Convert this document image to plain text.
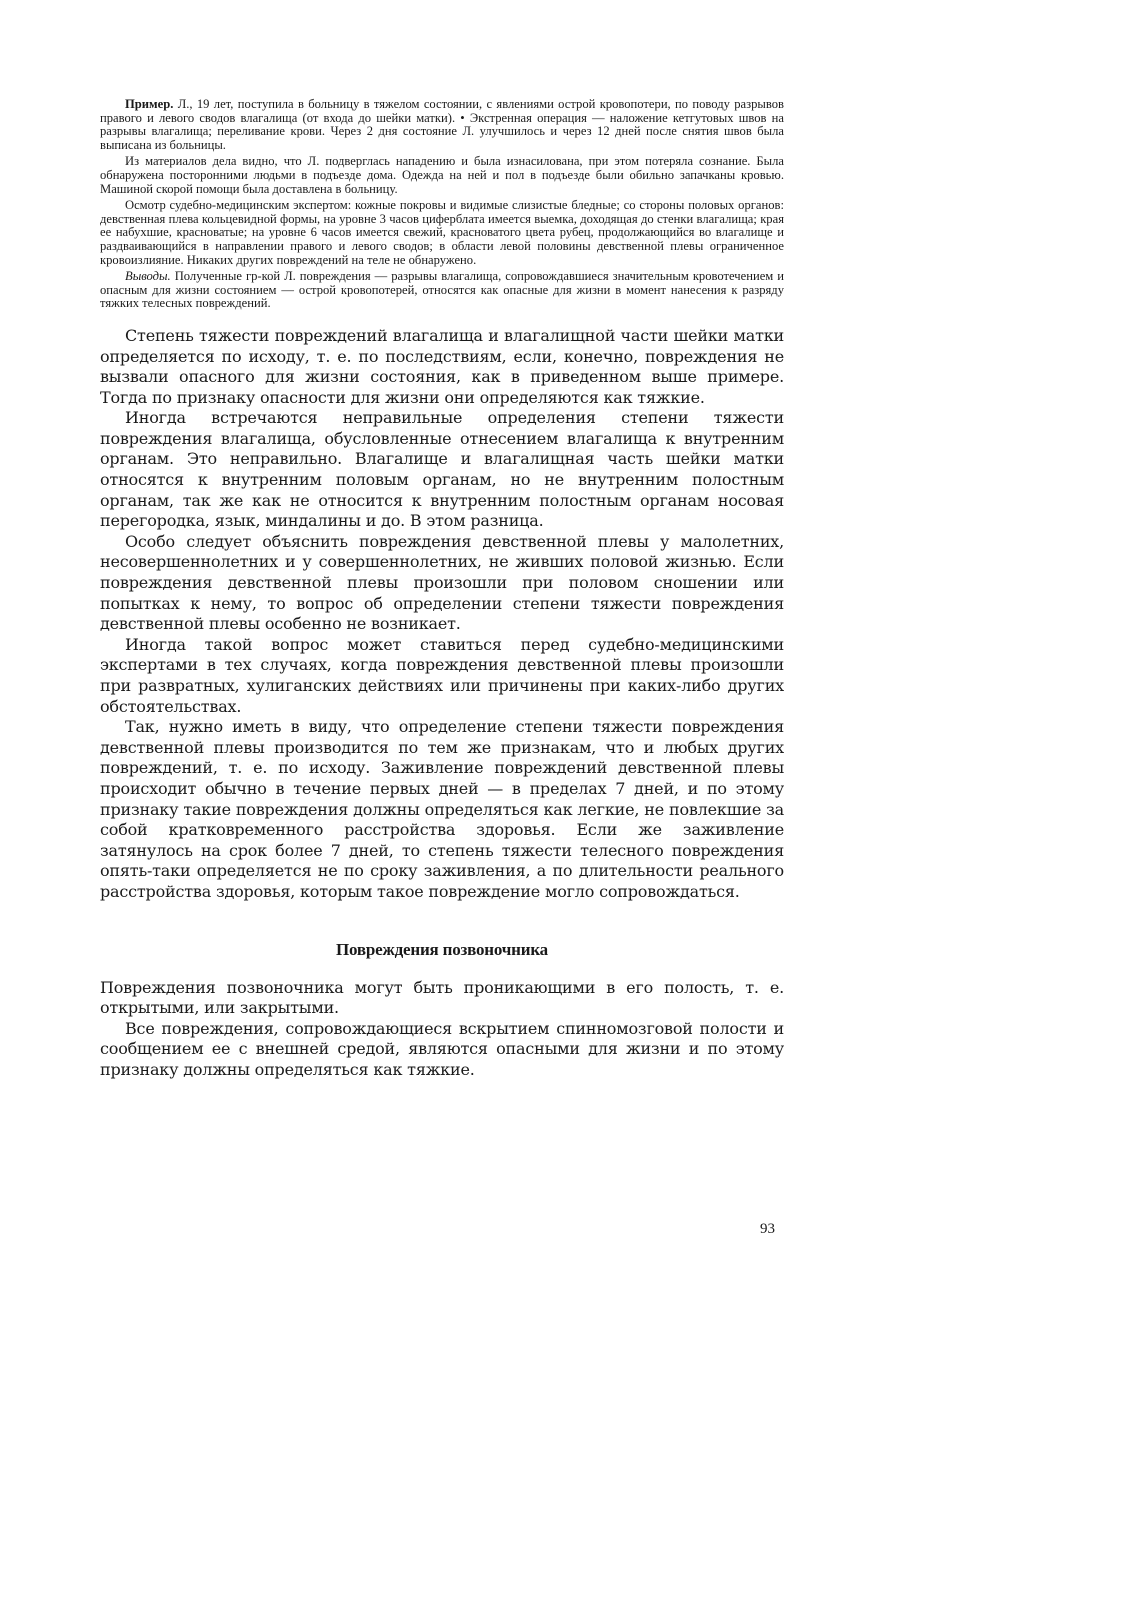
Пример. Л., 19 лет, поступила в больницу в тяжелом состоянии, с явлениями острой кровопотери, по поводу разрывов правого и левого сводов влагалища (от входа до шейки матки). • Экстренная операция — наложение кетгутовых швов на разрывы влагалища; переливание крови. Через 2 дня состояние Л. улучшилось и через 12 дней после снятия швов была выписана из больницы.

Из материалов дела видно, что Л. подверглась нападению и была изнасилована, при этом потеряла сознание. Была обнаружена посторонними людьми в подъезде дома. Одежда на ней и пол в подъезде были обильно запачканы кровью. Машиной скорой помощи была доставлена в больницу.

Осмотр судебно-медицинским экспертом: кожные покровы и видимые слизистые бледные; со стороны половых органов: девственная плева кольцевидной формы, на уровне 3 часов циферблата имеется выемка, доходящая до стенки влагалища; края ее набухшие, красноватые; на уровне 6 часов имеется свежий, красноватого цвета рубец, продолжающийся во влагалище и раздваивающийся в направлении правого и левого сводов; в области левой половины девственной плевы ограниченное кровоизлияние. Никаких других повреждений на теле не обнаружено.

Выводы. Полученные гр-кой Л. повреждения — разрывы влагалища, сопровождавшиеся значительным кровотечением и опасным для жизни состоянием — острой кровопотерей, относятся как опасные для жизни в момент нанесения к разряду тяжких телесных повреждений.

Степень тяжести повреждений влагалища и влагалищной части шейки матки определяется по исходу, т. е. по последствиям, если, конечно, повреждения не вызвали опасного для жизни состояния, как в приведенном выше примере. Тогда по признаку опасности для жизни они определяются как тяжкие.

Иногда встречаются неправильные определения степени тяжести повреждения влагалища, обусловленные отнесением влагалища к внутренним органам. Это неправильно. Влагалище и влагалищная часть шейки матки относятся к внутренним половым органам, но не внутренним полостным органам, так же как не относится к внутренним полостным органам носовая перегородка, язык, миндалины и до. В этом разница.

Особо следует объяснить повреждения девственной плевы у малолетних, несовершеннолетних и у совершеннолетних, не живших половой жизнью. Если повреждения девственной плевы произошли при половом сношении или попытках к нему, то вопрос об определении степени тяжести повреждения девственной плевы особенно не возникает.

Иногда такой вопрос может ставиться перед судебно-медицинскими экспертами в тех случаях, когда повреждения девственной плевы произошли при развратных, хулиганских действиях или причинены при каких-либо других обстоятельствах.

Так, нужно иметь в виду, что определение степени тяжести повреждения девственной плевы производится по тем же признакам, что и любых других повреждений, т. е. по исходу. Заживление повреждений девственной плевы происходит обычно в течение первых дней — в пределах 7 дней, и по этому признаку такие повреждения должны определяться как легкие, не повлекшие за собой кратковременного расстройства здоровья. Если же заживление затянулось на срок более 7 дней, то степень тяжести телесного повреждения опять-таки определяется не по сроку заживления, а по длительности реального расстройства здоровья, которым такое повреждение могло сопровождаться.

Повреждения позвоночника

Повреждения позвоночника могут быть проникающими в его полость, т. е. открытыми, или закрытыми.

Все повреждения, сопровождающиеся вскрытием спинномозговой полости и сообщением ее с внешней средой, являются опасными для жизни и по этому признаку должны определяться как тяжкие.

93
